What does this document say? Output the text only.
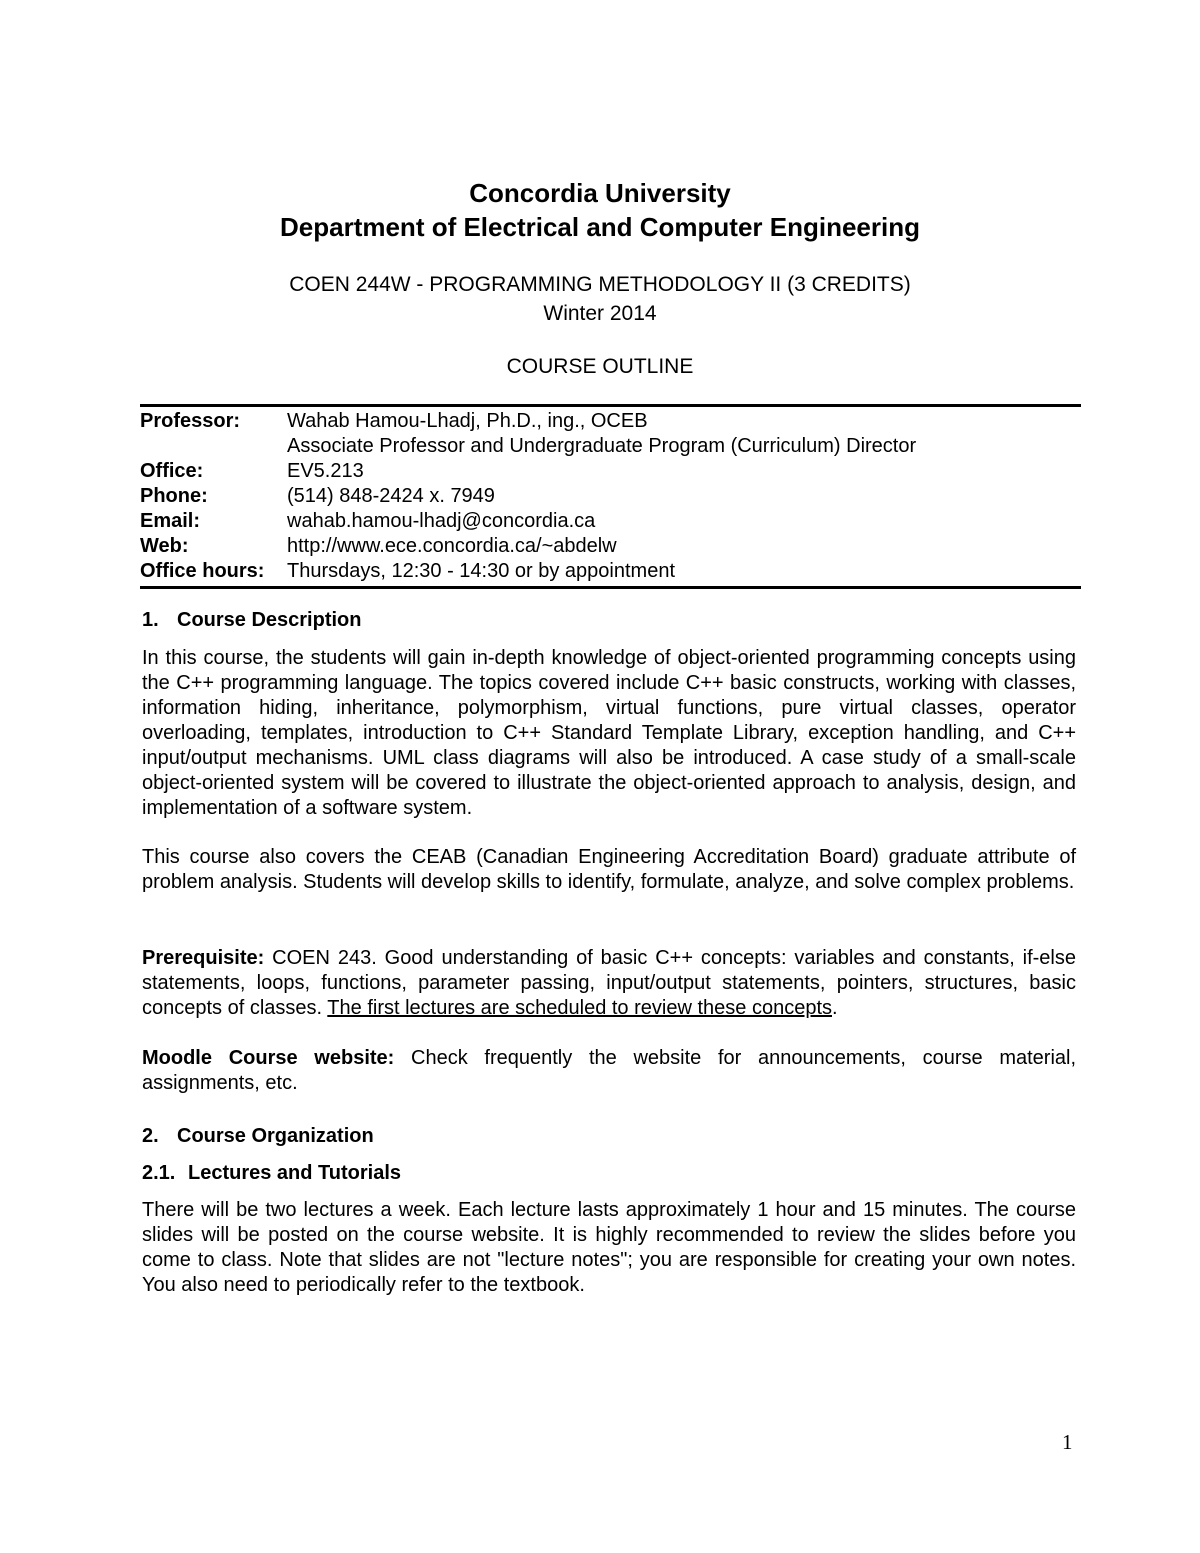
Concordia University
Department of Electrical and Computer Engineering
COEN 244W - PROGRAMMING METHODOLOGY II (3 CREDITS)
Winter 2014
COURSE OUTLINE
Professor:	Wahab Hamou-Lhadj, Ph.D., ing., OCEB
Associate Professor and Undergraduate Program (Curriculum) Director
Office:	EV5.213
Phone:	(514) 848-2424 x. 7949
Email:	wahab.hamou-lhadj@concordia.ca
Web:	http://www.ece.concordia.ca/~abdelw
Office hours:	Thursdays, 12:30 - 14:30 or by appointment
1. Course Description
In this course, the students will gain in-depth knowledge of object-oriented programming concepts using the C++ programming language. The topics covered include C++ basic constructs, working with classes, information hiding, inheritance, polymorphism, virtual functions, pure virtual classes, operator overloading, templates, introduction to C++ Standard Template Library, exception handling, and C++ input/output mechanisms. UML class diagrams will also be introduced. A case study of a small-scale object-oriented system will be covered to illustrate the object-oriented approach to analysis, design, and implementation of a software system.
This course also covers the CEAB (Canadian Engineering Accreditation Board) graduate attribute of problem analysis. Students will develop skills to identify, formulate, analyze, and solve complex problems.
Prerequisite: COEN 243. Good understanding of basic C++ concepts: variables and constants, if-else statements, loops, functions, parameter passing, input/output statements, pointers, structures, basic concepts of classes. The first lectures are scheduled to review these concepts.
Moodle Course website: Check frequently the website for announcements, course material, assignments, etc.
2. Course Organization
2.1. Lectures and Tutorials
There will be two lectures a week. Each lecture lasts approximately 1 hour and 15 minutes. The course slides will be posted on the course website. It is highly recommended to review the slides before you come to class. Note that slides are not "lecture notes"; you are responsible for creating your own notes. You also need to periodically refer to the textbook.
1
